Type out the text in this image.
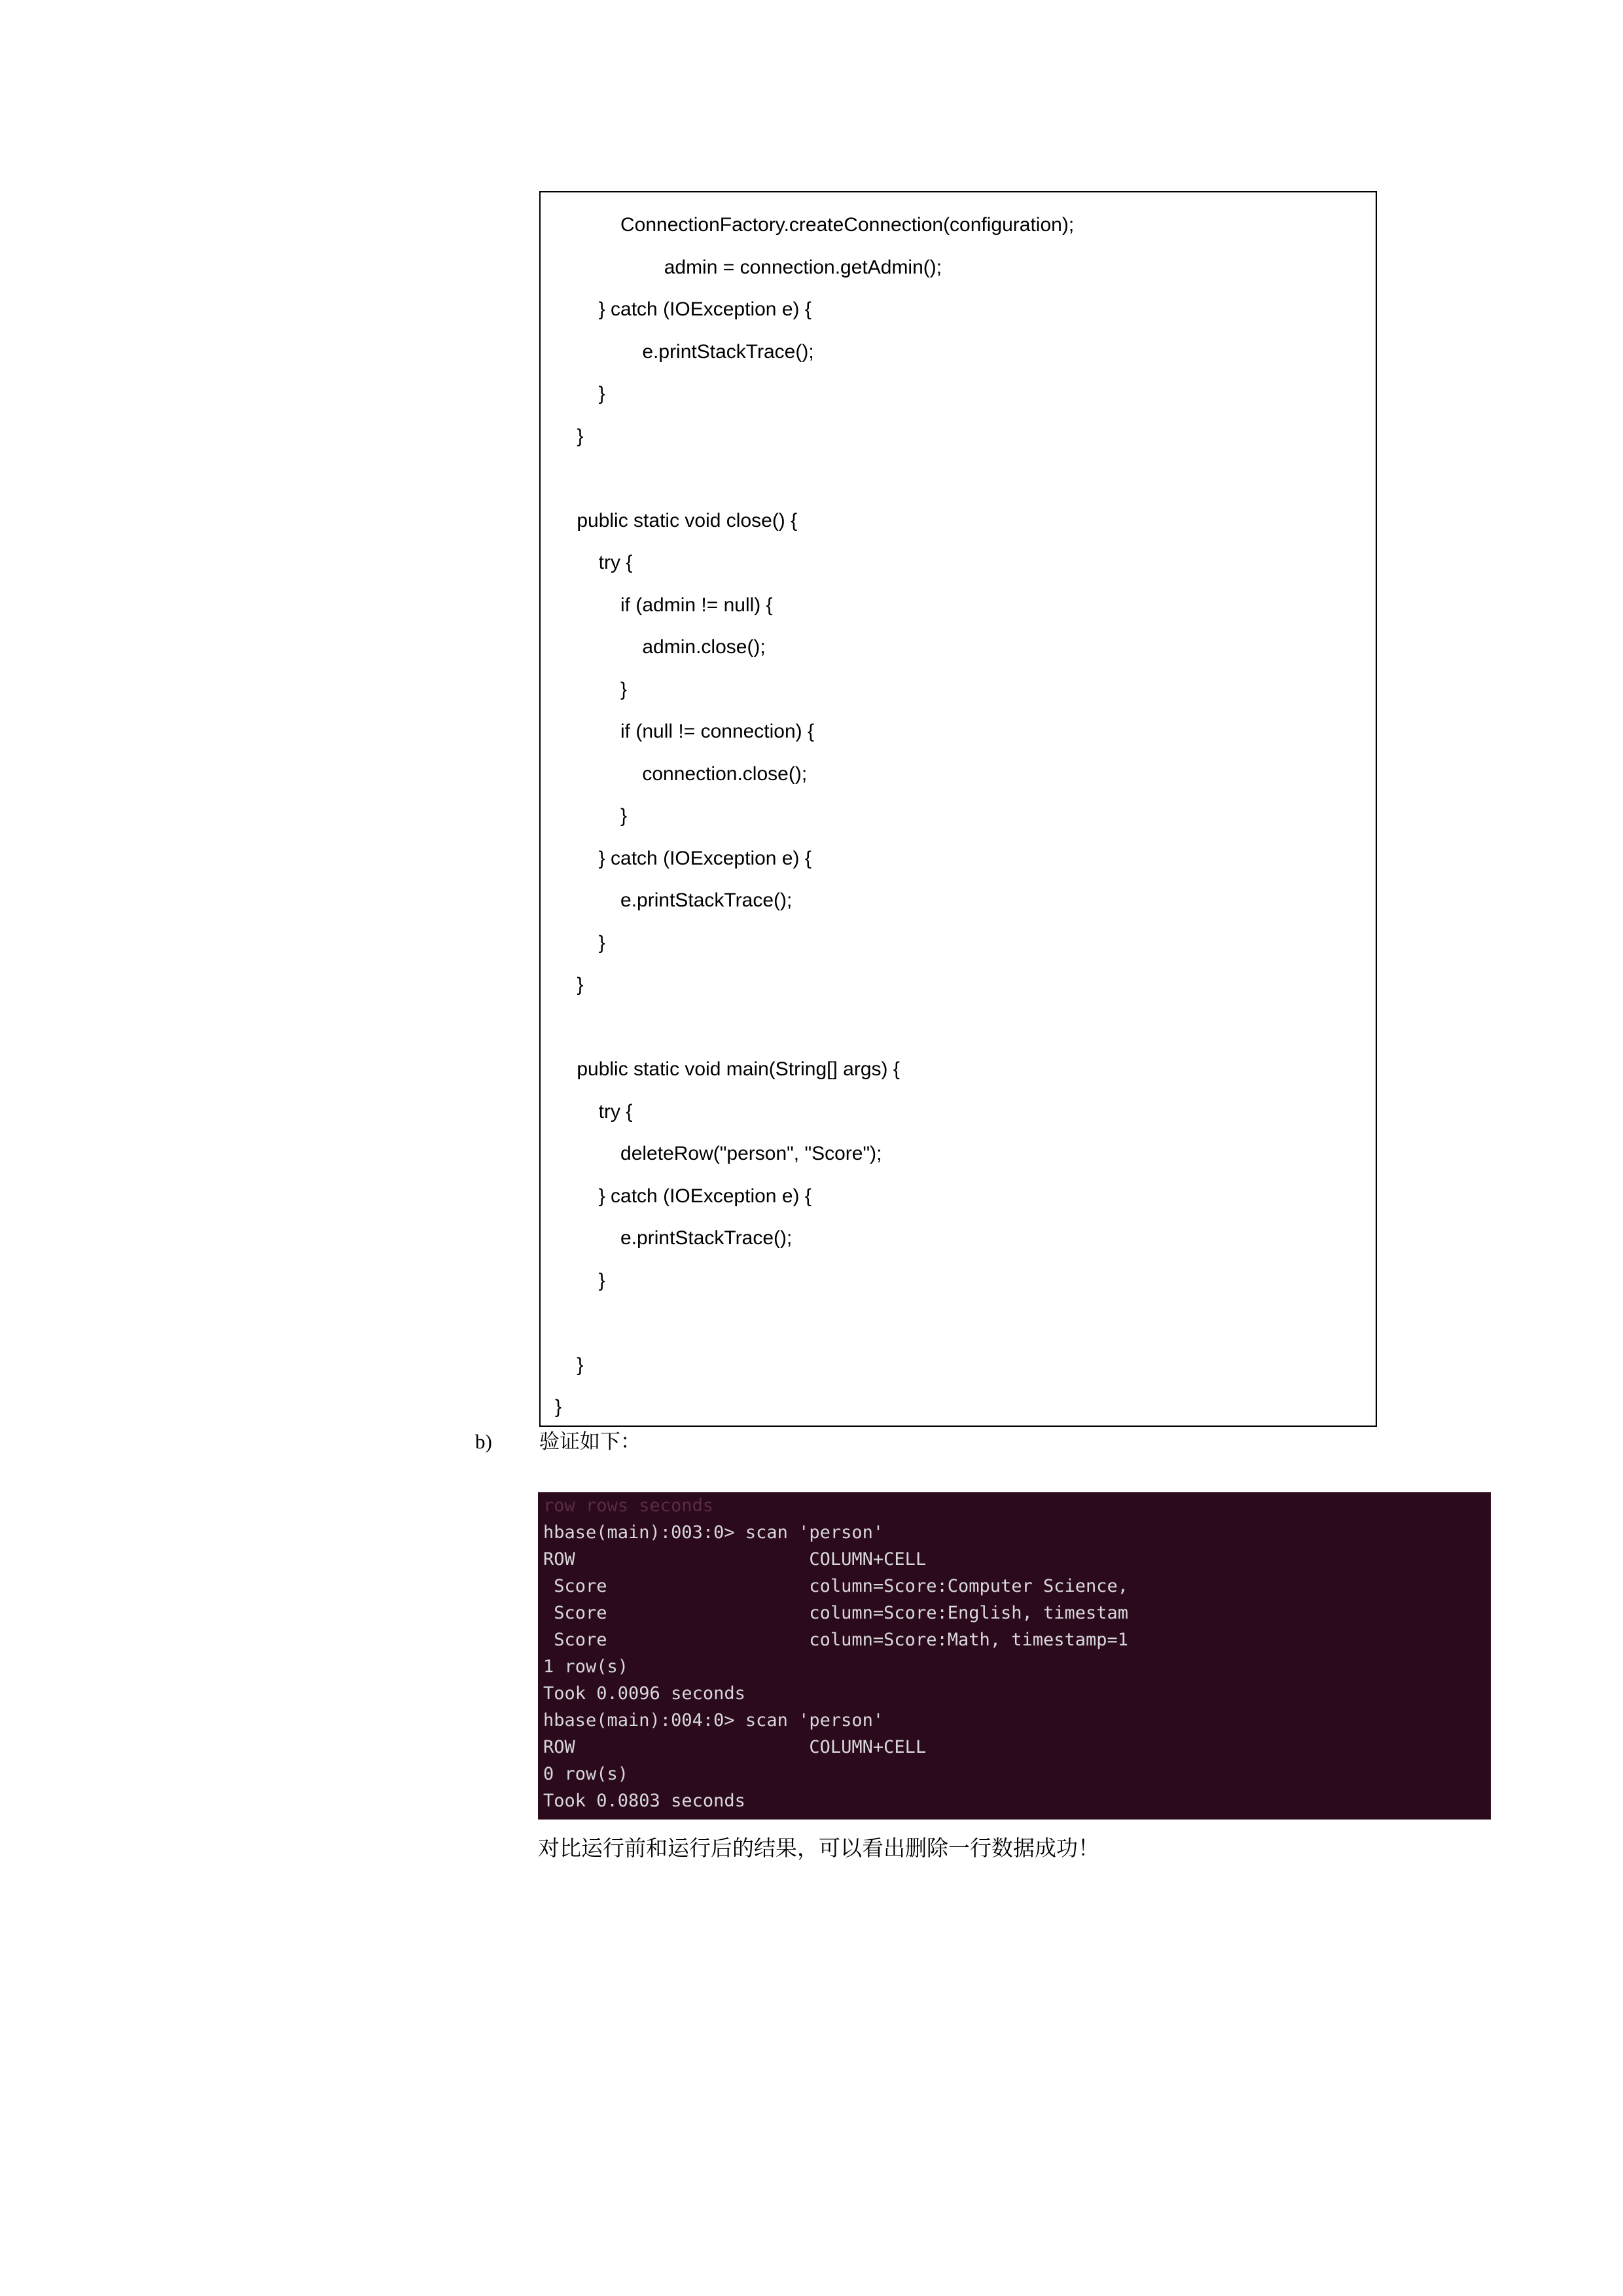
ConnectionFactory.createConnection(configuration);
admin = connection.getAdmin();
} catch (IOException e) {
e.printStackTrace();
}
}
public static void close() {
try {
if (admin != null) {
admin.close();
}
if (null != connection) {
connection.close();
}
} catch (IOException e) {
e.printStackTrace();
}
}
public static void main(String[] args) {
try {
deleteRow("person", "Score");
} catch (IOException e) {
e.printStackTrace();
}
}
}
b) 验证如下：
row rows seconds
hbase(main):003:0> scan 'person'
ROW                      COLUMN+CELL
Score                   column=Score:Computer Science,
Score                   column=Score:English, timestam
Score                   column=Score:Math, timestamp=1
1 row(s)
Took 0.0096 seconds
hbase(main):004:0> scan 'person'
ROW                      COLUMN+CELL
0 row(s)
Took 0.0803 seconds
对比运行前和运行后的结果，可以看出删除一行数据成功！
